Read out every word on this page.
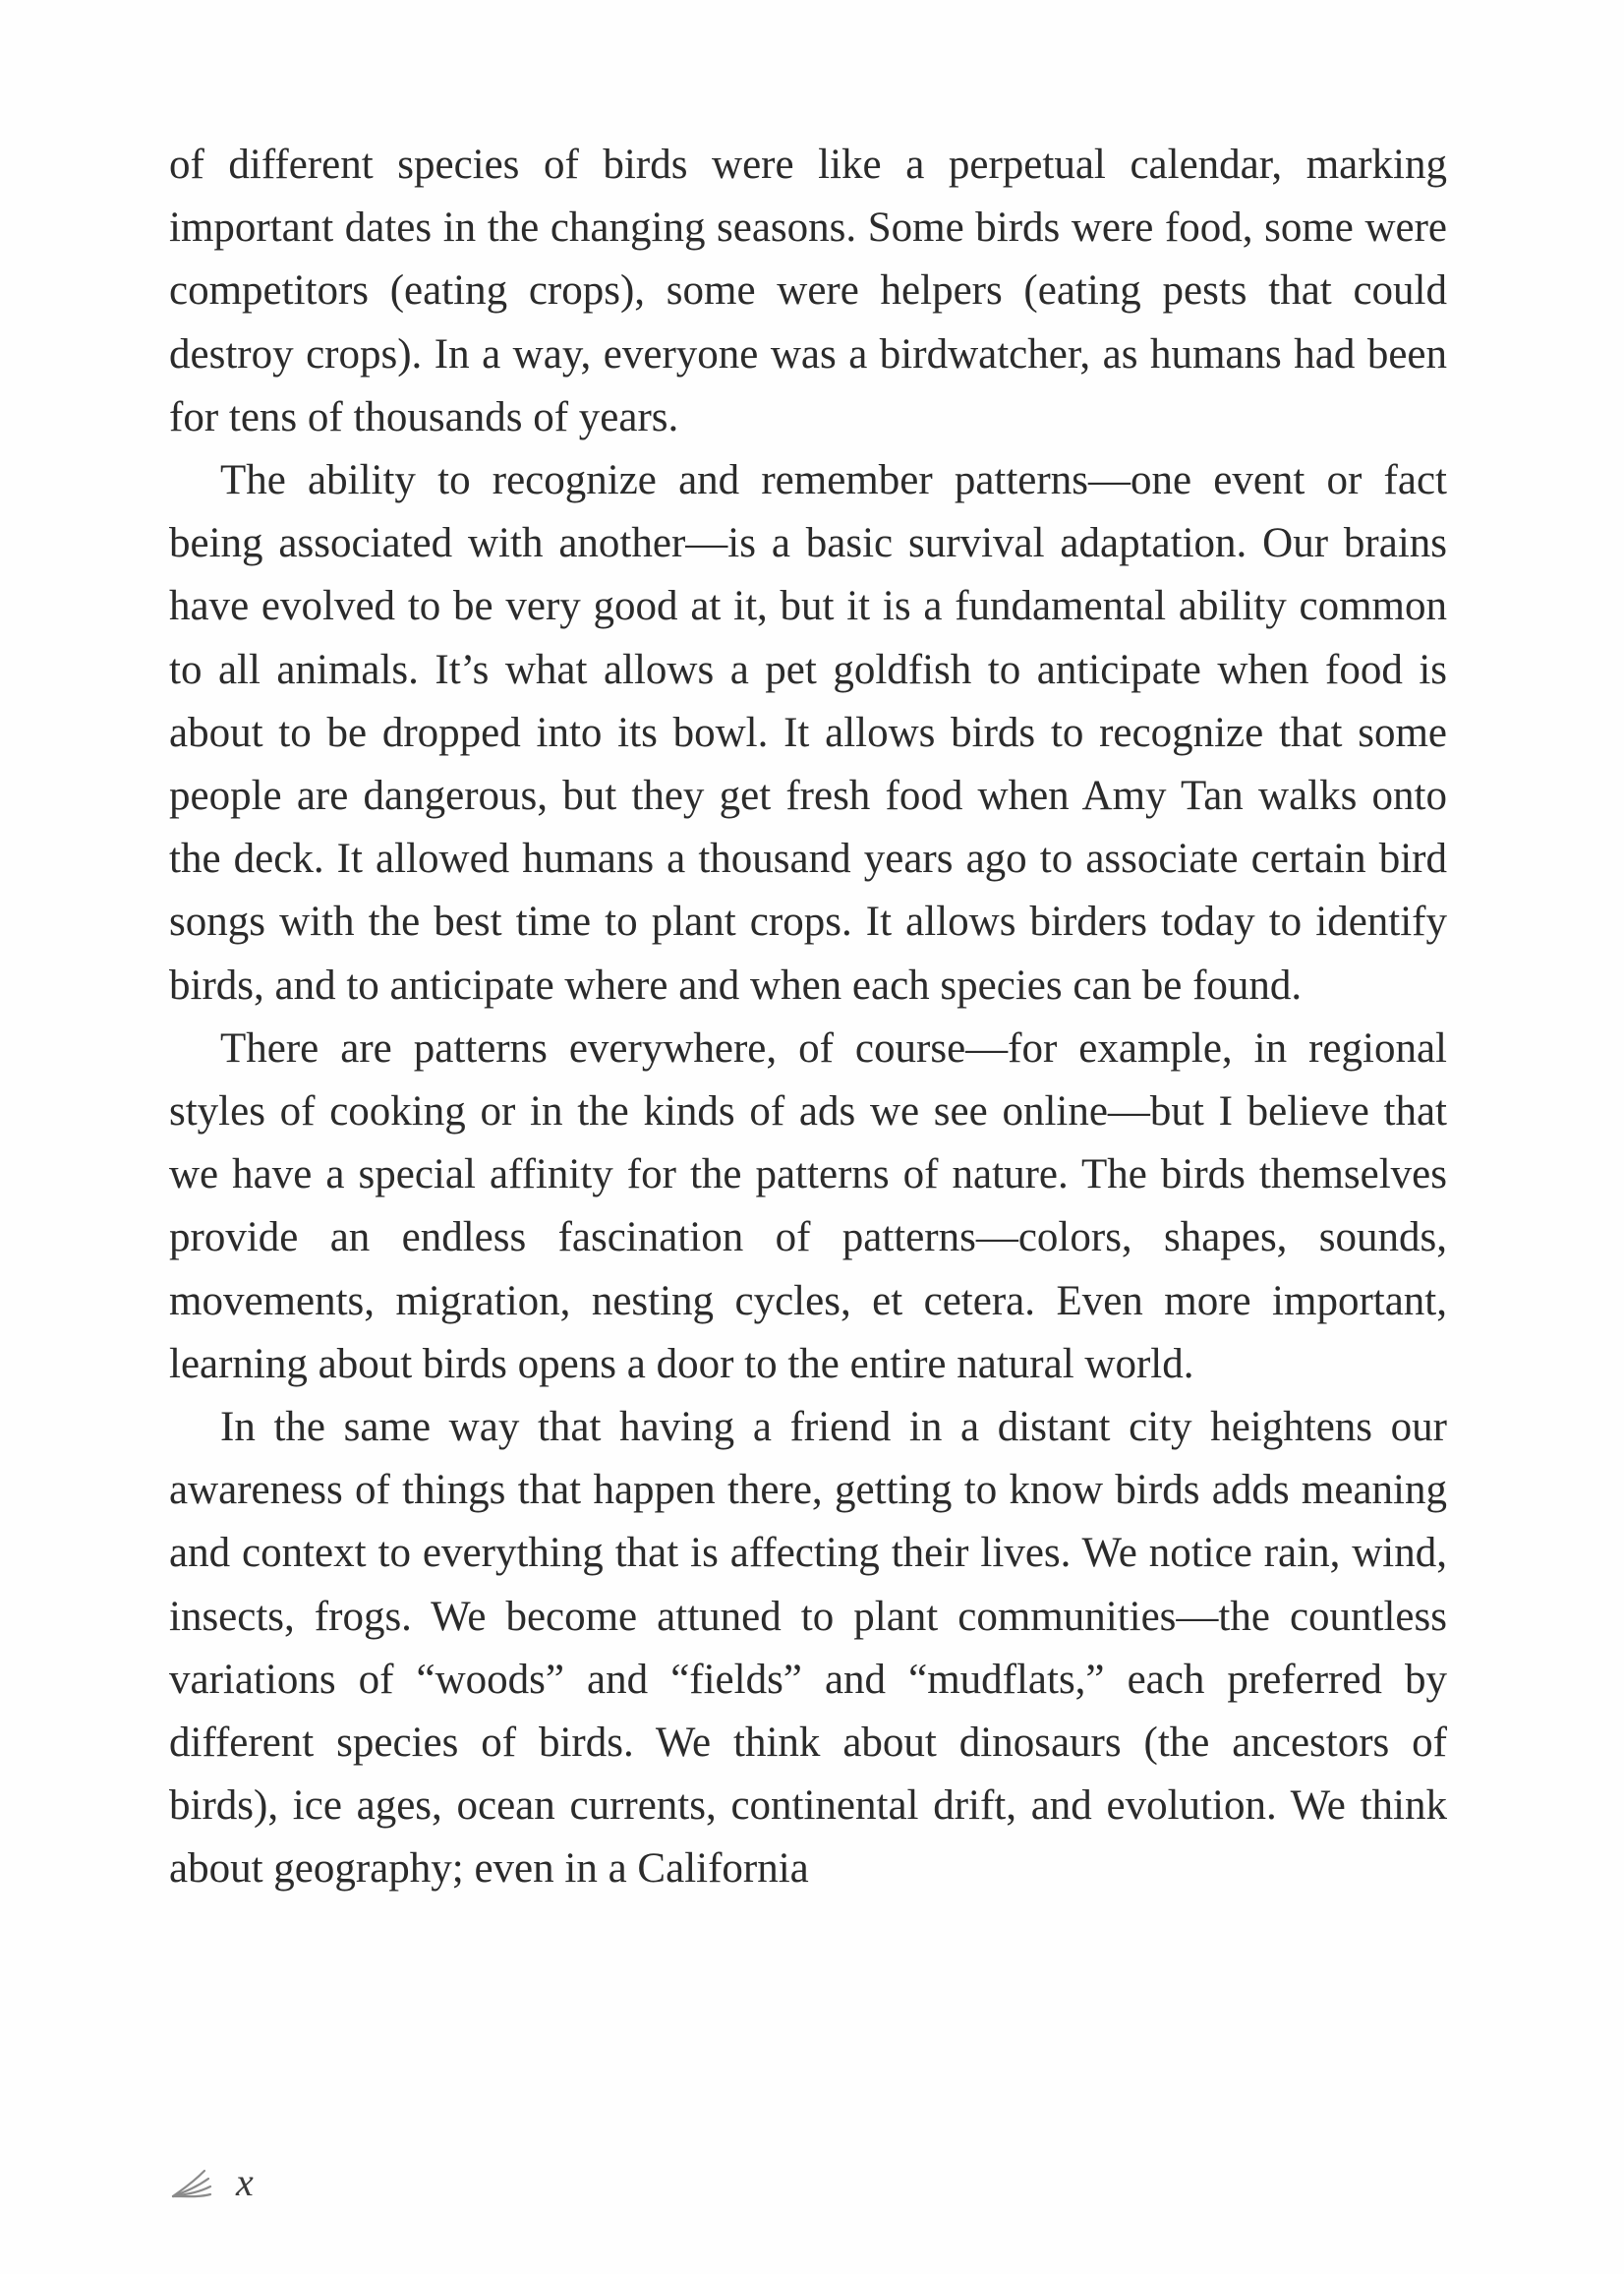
of different species of birds were like a perpetual calendar, marking important dates in the changing seasons. Some birds were food, some were competitors (eating crops), some were helpers (eating pests that could destroy crops). In a way, everyone was a birdwatcher, as humans had been for tens of thousands of years.

The ability to recognize and remember patterns—one event or fact being associated with another—is a basic survival adaptation. Our brains have evolved to be very good at it, but it is a fundamental ability common to all animals. It’s what allows a pet goldfish to anticipate when food is about to be dropped into its bowl. It allows birds to recognize that some people are dangerous, but they get fresh food when Amy Tan walks onto the deck. It allowed humans a thousand years ago to associate certain bird songs with the best time to plant crops. It allows birders today to identify birds, and to anticipate where and when each species can be found.

There are patterns everywhere, of course—for example, in regional styles of cooking or in the kinds of ads we see online—but I believe that we have a special affinity for the patterns of nature. The birds themselves provide an endless fascination of patterns—colors, shapes, sounds, movements, migration, nesting cycles, et cetera. Even more important, learning about birds opens a door to the entire natural world.

In the same way that having a friend in a distant city heightens our awareness of things that happen there, getting to know birds adds meaning and context to everything that is affecting their lives. We notice rain, wind, insects, frogs. We become attuned to plant communities—the countless variations of “woods” and “fields” and “mudflats,” each preferred by different species of birds. We think about dinosaurs (the ancestors of birds), ice ages, ocean currents, continental drift, and evolution. We think about geography; even in a California

x
